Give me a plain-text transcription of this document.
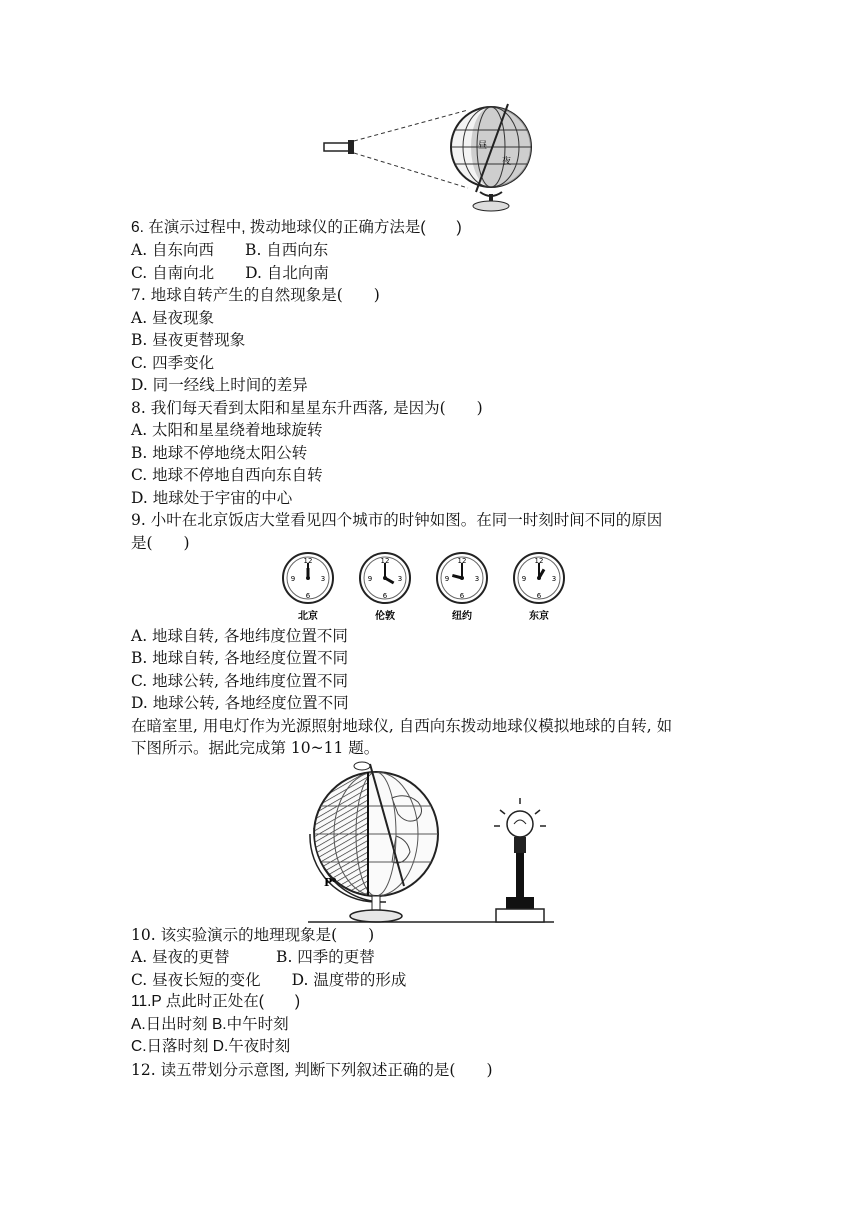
昼
夜
6. 在演示过程中, 拨动地球仪的正确方法是(　　)
A. 自东向西　　B. 自西向东
C. 自南向北　　D. 自北向南
7. 地球自转产生的自然现象是(　　)
A. 昼夜现象
B. 昼夜更替现象
C. 四季变化
D. 同一经线上时间的差异
8. 我们每天看到太阳和星星东升西落, 是因为(　　)
A. 太阳和星星绕着地球旋转
B. 地球不停地绕太阳公转
C. 地球不停地自西向东自转
D. 地球处于宇宙的中心
9. 小叶在北京饭店大堂看见四个城市的时钟如图。在同一时刻时间不同的原因
是(　　)
12
3
6
9
北京
12
3
6
9
伦敦
12
3
6
9
纽约
12
3
6
9
东京
A. 地球自转, 各地纬度位置不同
B. 地球自转, 各地经度位置不同
C. 地球公转, 各地纬度位置不同
D. 地球公转, 各地经度位置不同
在暗室里, 用电灯作为光源照射地球仪, 自西向东拨动地球仪模拟地球的自转, 如
下图所示。据此完成第 10~11 题。
P
10. 该实验演示的地理现象是(　　)
A. 昼夜的更替　　　B. 四季的更替
C. 昼夜长短的变化　　D. 温度带的形成
11.P 点此时正处在(　　)
A.日出时刻 B.中午时刻
C.日落时刻 D.午夜时刻
12. 读五带划分示意图, 判断下列叙述正确的是(　　)
